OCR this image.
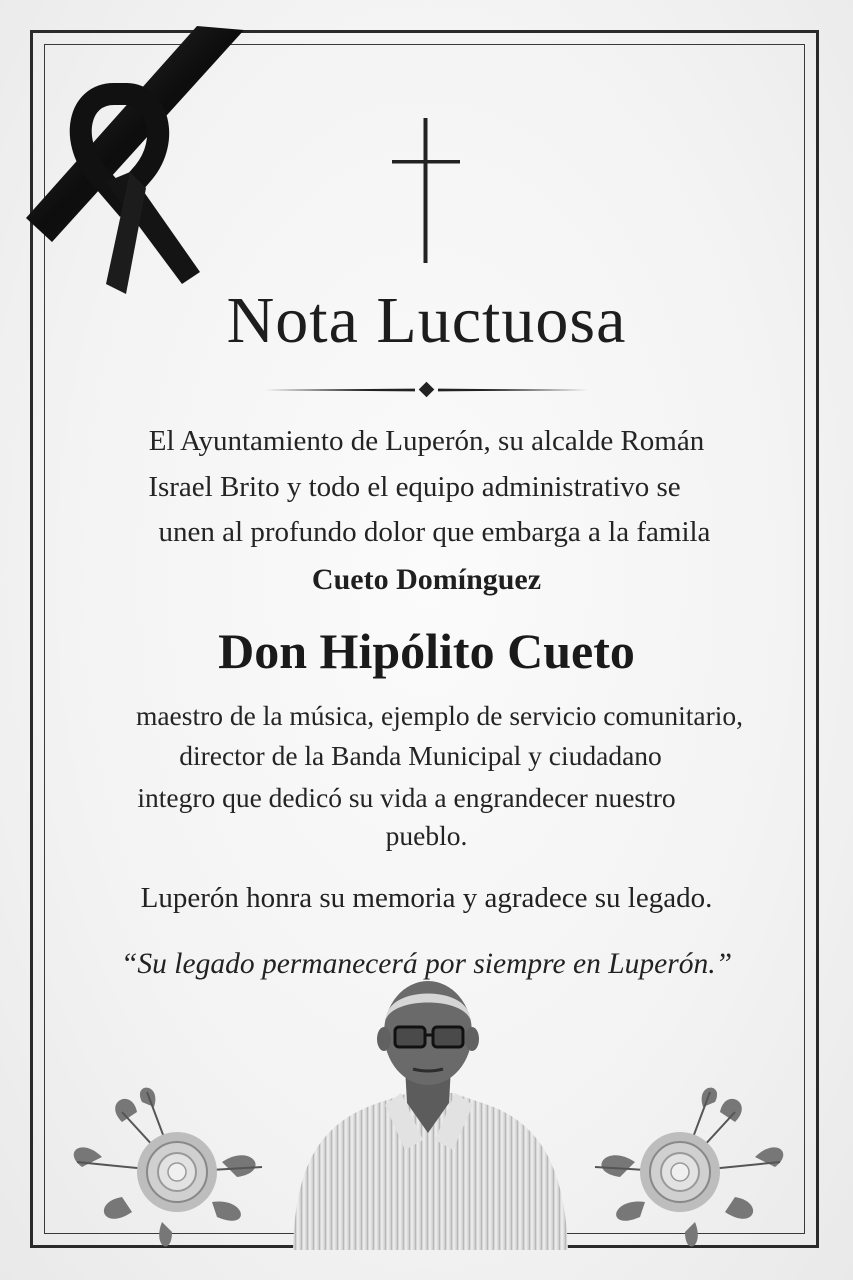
Nota Luctuosa
El Ayuntamiento de Luperón, su alcalde Román
Israel Brito y todo el equipo administrativo se
unen al profundo dolor que embarga a la famila
Cueto Domínguez
Don Hipólito Cueto
maestro de la música, ejemplo de servicio comunitario,
director de la Banda Municipal y ciudadano
integro que dedicó su vida a engrandecer nuestro
pueblo.
Luperón honra su memoria y agradece su legado.
“Su legado permanecerá por siempre en Luperón.”
